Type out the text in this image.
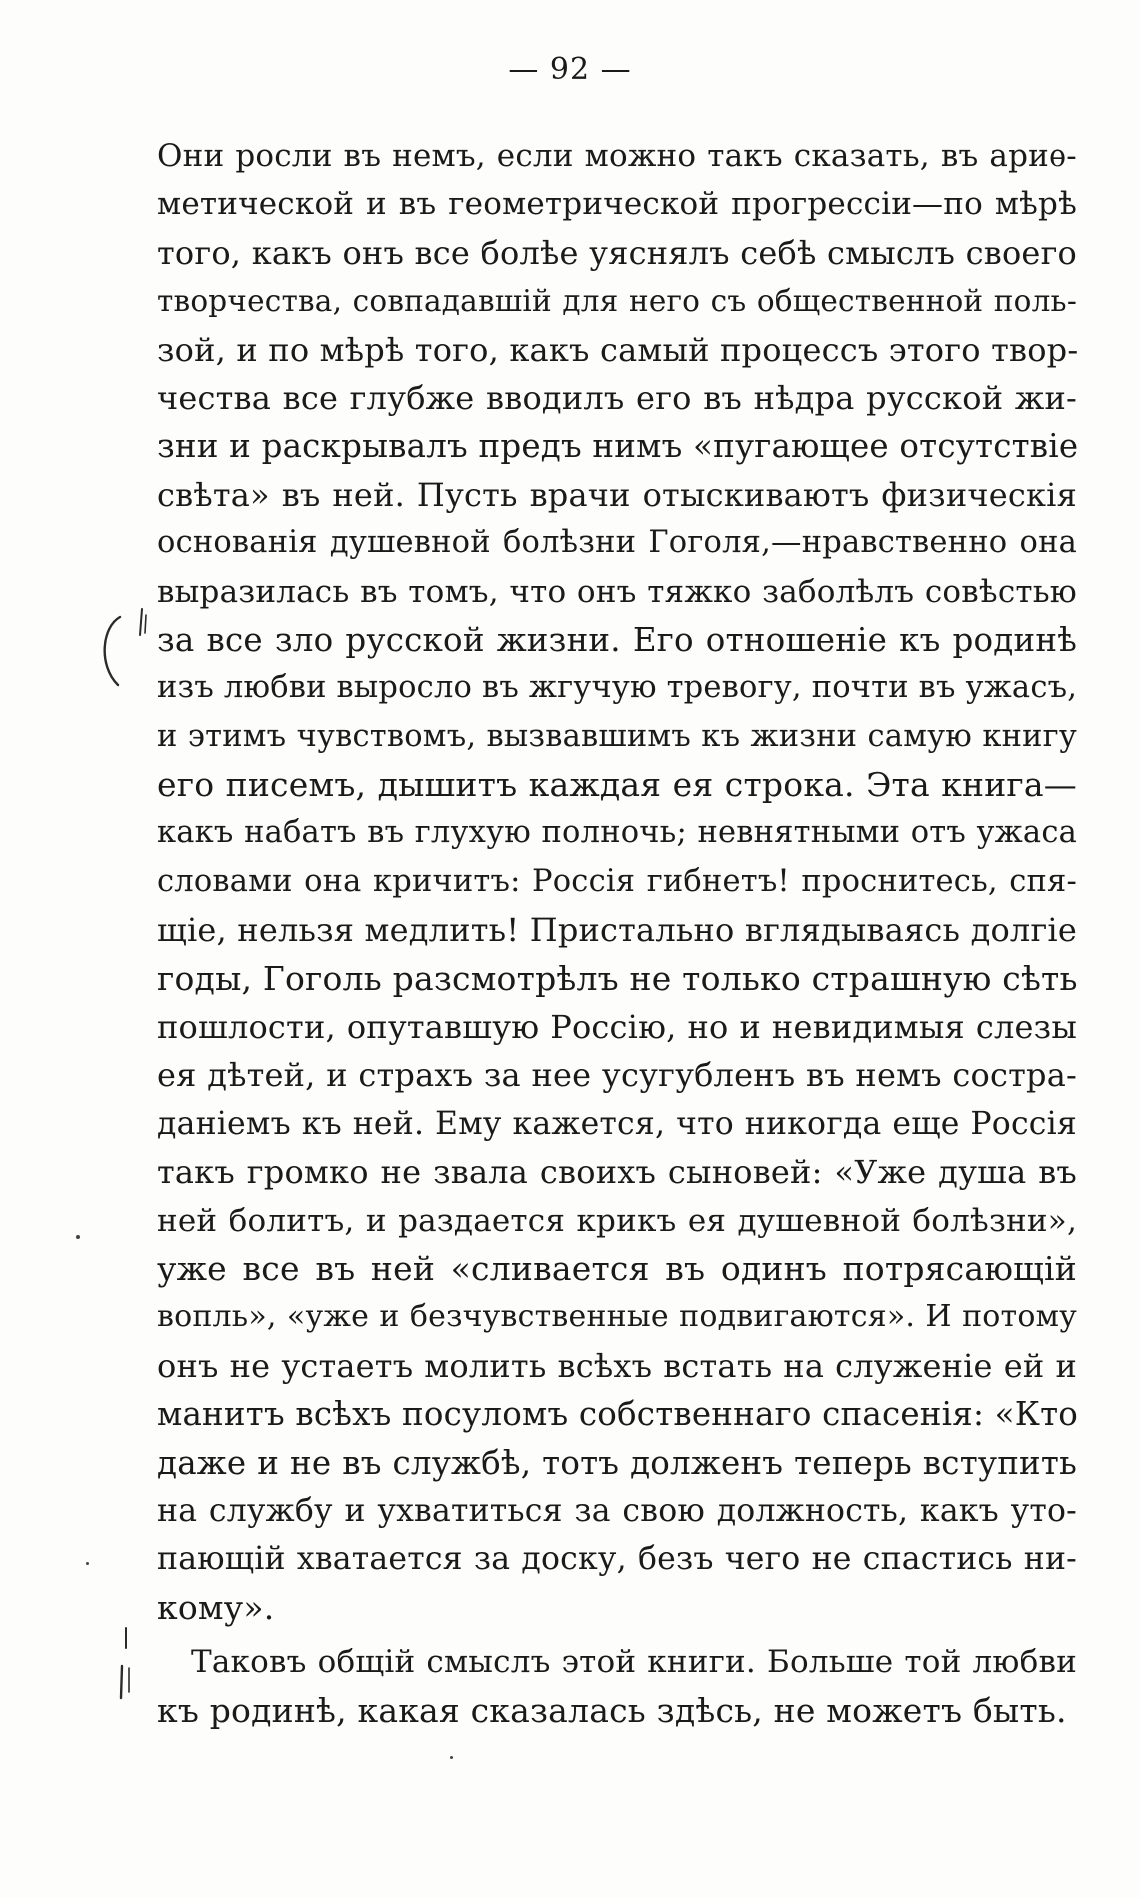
— 92 —
Они росли въ немъ, если можно такъ сказать, въ ариѳ-
метической и въ геометрической прогрессіи—по мѣрѣ
того, какъ онъ все болѣе уяснялъ себѣ смыслъ своего
творчества, совпадавшій для него съ общественной поль-
зой, и по мѣрѣ того, какъ самый процессъ этого твор-
чества все глубже вводилъ его въ нѣдра русской жи-
зни и раскрывалъ предъ нимъ «пугающее отсутствіе
свѣта» въ ней. Пусть врачи отыскиваютъ физическія
основанія душевной болѣзни Гоголя,—нравственно она
выразилась въ томъ, что онъ тяжко заболѣлъ совѣстью
за все зло русской жизни. Его отношеніе къ родинѣ
изъ любви выросло въ жгучую тревогу, почти въ ужасъ,
и этимъ чувствомъ, вызвавшимъ къ жизни самую книгу
его писемъ, дышитъ каждая ея строка. Эта книга—
какъ набатъ въ глухую полночь; невнятными отъ ужаса
словами она кричитъ: Россія гибнетъ! проснитесь, спя-
щіе, нельзя медлить! Пристально вглядываясь долгіе
годы, Гоголь разсмотрѣлъ не только страшную сѣть
пошлости, опутавшую Россію, но и невидимыя слезы
ея дѣтей, и страхъ за нее усугубленъ въ немъ состра-
даніемъ къ ней. Ему кажется, что никогда еще Россія
такъ громко не звала своихъ сыновей: «Уже душа въ
ней болитъ, и раздается крикъ ея душевной болѣзни»,
уже все въ ней «сливается въ одинъ потрясающій
вопль», «уже и безчувственные подвигаются». И потому
онъ не устаетъ молить всѣхъ встать на служеніе ей и
манитъ всѣхъ посуломъ собственнаго спасенія: «Кто
даже и не въ службѣ, тотъ долженъ теперь вступить
на службу и ухватиться за свою должность, какъ уто-
пающій хватается за доску, безъ чего не спастись ни-
кому».
Таковъ общій смыслъ этой книги. Больше той любви
къ родинѣ, какая сказалась здѣсь, не можетъ быть.
